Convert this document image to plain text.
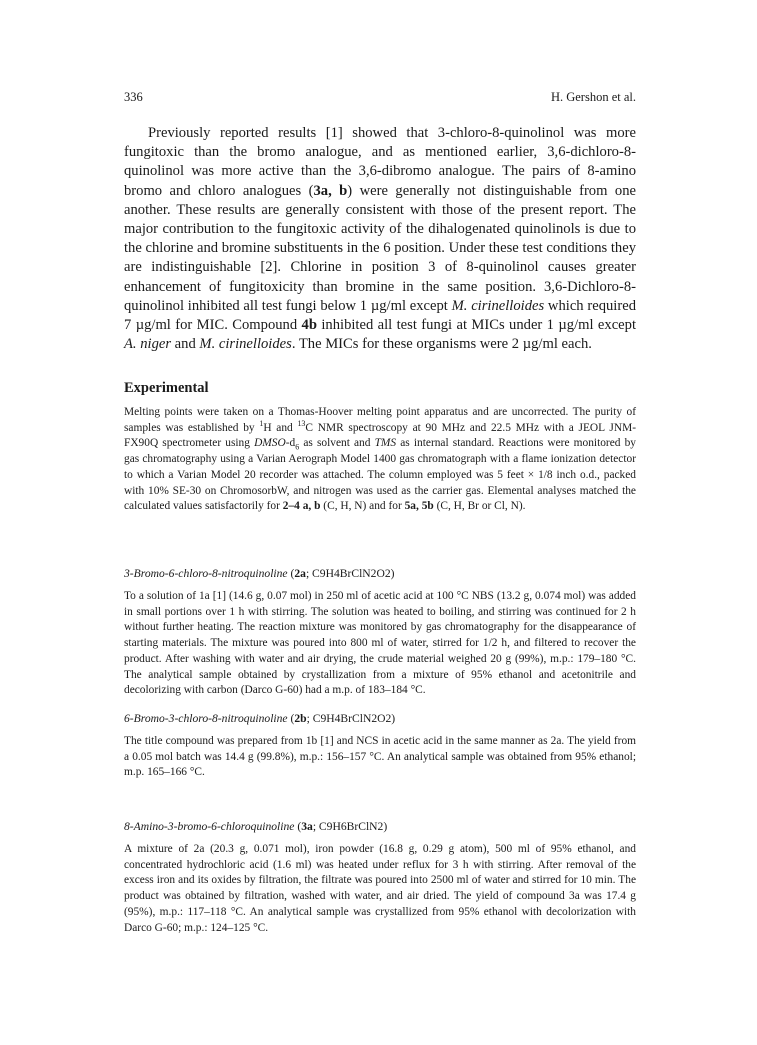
336	H. Gershon et al.

Previously reported results [1] showed that 3-chloro-8-quinolinol was more fungitoxic than the bromo analogue, and as mentioned earlier, 3,6-dichloro-8-quinolinol was more active than the 3,6-dibromo analogue. The pairs of 8-amino bromo and chloro analogues (3a, b) were generally not distinguishable from one another. These results are generally consistent with those of the present report. The major contribution to the fungitoxic activity of the dihalogenated quinolinols is due to the chlorine and bromine substituents in the 6 position. Under these test conditions they are indistinguishable [2]. Chlorine in position 3 of 8-quinolinol causes greater enhancement of fungitoxicity than bromine in the same position. 3,6-Dichloro-8-quinolinol inhibited all test fungi below 1 µg/ml except M. cirinelloides which required 7 µg/ml for MIC. Compound 4b inhibited all test fungi at MICs under 1 µg/ml except A. niger and M. cirinelloides. The MICs for these organisms were 2 µg/ml each.

Experimental

Melting points were taken on a Thomas-Hoover melting point apparatus and are uncorrected. The purity of samples was established by $^1$H and $^{13}$C NMR spectroscopy at 90 MHz and 22.5 MHz with a JEOL JNM-FX90Q spectrometer using DMSO-$d_6$ as solvent and TMS as internal standard. Reactions were monitored by gas chromatography using a Varian Aerograph Model 1400 gas chromatograph with a flame ionization detector to which a Varian Model 20 recorder was attached. The column employed was 5 feet × 1/8 inch o.d., packed with 10% SE-30 on ChromosorbW, and nitrogen was used as the carrier gas. Elemental analyses matched the calculated values satisfactorily for 2–4 a, b (C, H, N) and for 5a, 5b (C, H, Br or Cl, N).

3-Bromo-6-chloro-8-nitroquinoline (2a; C9H4BrClN2O2)

To a solution of 1a [1] (14.6 g, 0.07 mol) in 250 ml of acetic acid at 100 °C NBS (13.2 g, 0.074 mol) was added in small portions over 1 h with stirring. The solution was heated to boiling, and stirring was continued for 2 h without further heating. The reaction mixture was monitored by gas chromatography for the disappearance of starting materials. The mixture was poured into 800 ml of water, stirred for 1/2 h, and filtered to recover the product. After washing with water and air drying, the crude material weighed 20 g (99%), m.p.: 179–180 °C. The analytical sample obtained by crystallization from a mixture of 95% ethanol and acetonitrile and decolorizing with carbon (Darco G-60) had a m.p. of 183–184 °C.

6-Bromo-3-chloro-8-nitroquinoline (2b; C9H4BrClN2O2)

The title compound was prepared from 1b [1] and NCS in acetic acid in the same manner as 2a. The yield from a 0.05 mol batch was 14.4 g (99.8%), m.p.: 156–157 °C. An analytical sample was obtained from 95% ethanol; m.p. 165–166 °C.

8-Amino-3-bromo-6-chloroquinoline (3a; C9H6BrClN2)

A mixture of 2a (20.3 g, 0.071 mol), iron powder (16.8 g, 0.29 g atom), 500 ml of 95% ethanol, and concentrated hydrochloric acid (1.6 ml) was heated under reflux for 3 h with stirring. After removal of the excess iron and its oxides by filtration, the filtrate was poured into 2500 ml of water and stirred for 10 min. The product was obtained by filtration, washed with water, and air dried. The yield of compound 3a was 17.4 g (95%), m.p.: 117–118 °C. An analytical sample was crystallized from 95% ethanol with decolorization with Darco G-60; m.p.: 124–125 °C.
